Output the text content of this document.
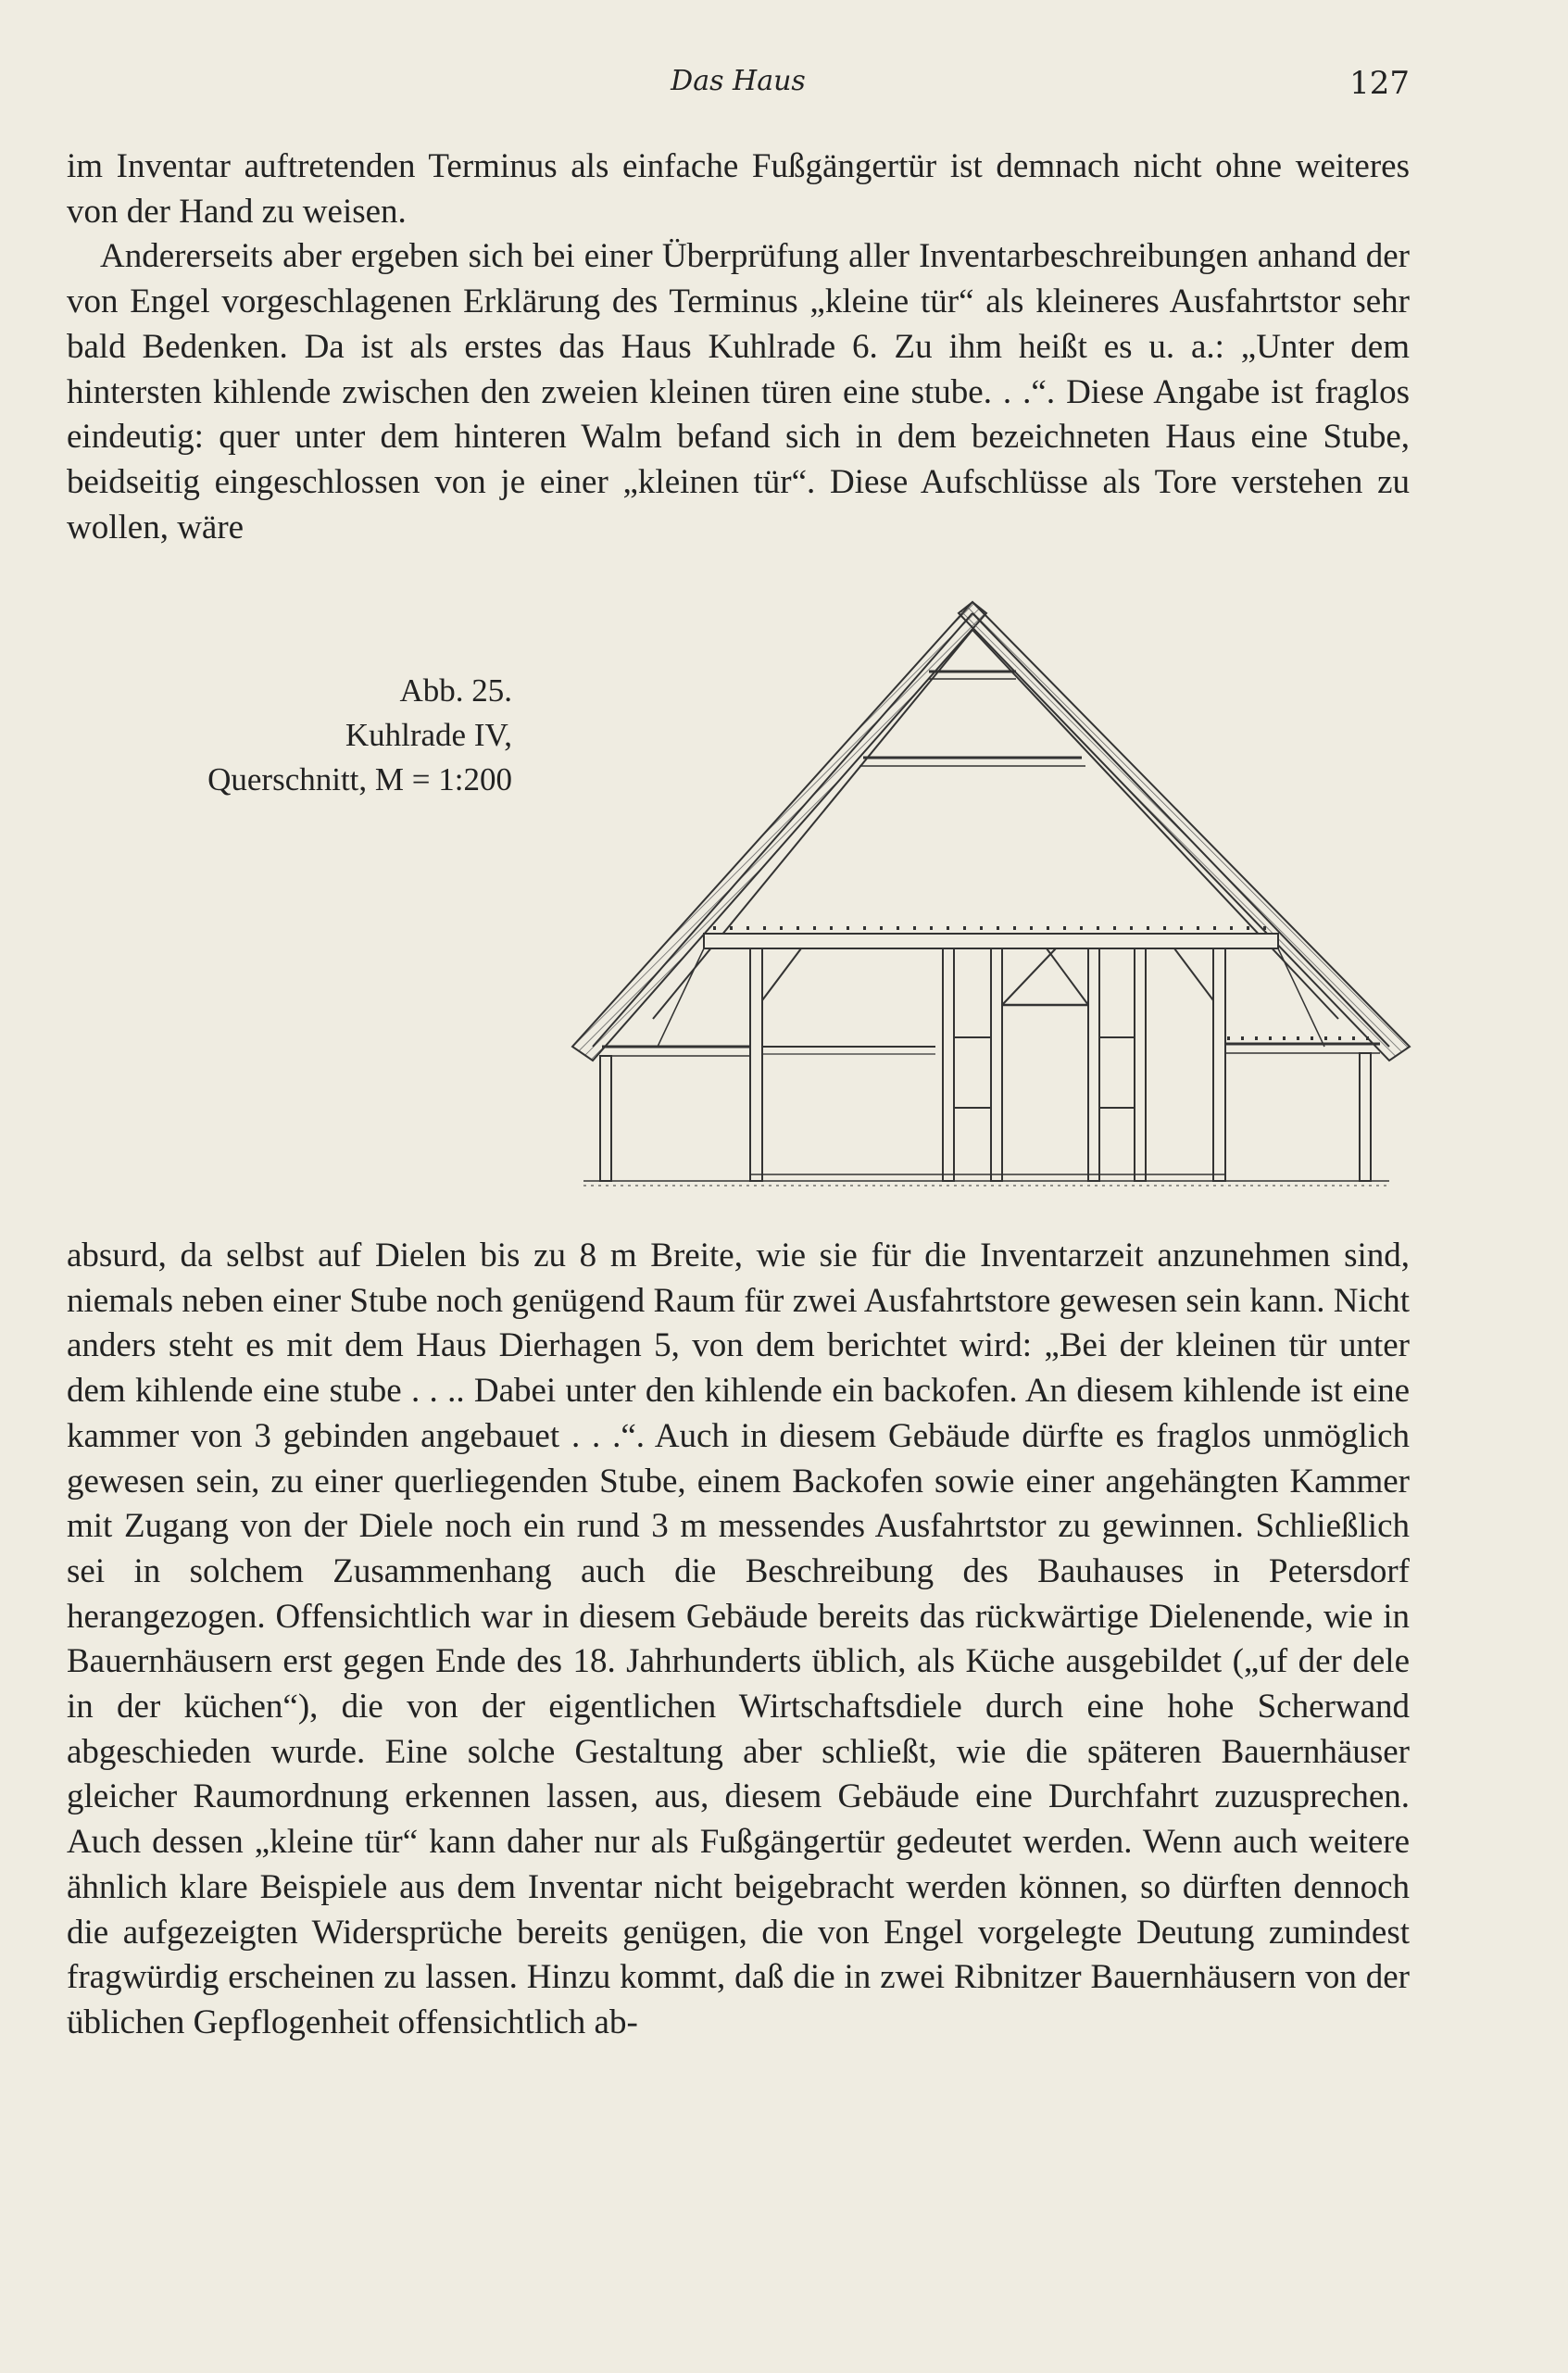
Das Haus	127

im Inventar auftretenden Terminus als einfache Fußgängertür ist demnach nicht ohne weiteres von der Hand zu weisen.

Andererseits aber ergeben sich bei einer Überprüfung aller Inventarbeschreibungen anhand der von Engel vorgeschlagenen Erklärung des Terminus „kleine tür“ als kleineres Ausfahrtstor sehr bald Bedenken. Da ist als erstes das Haus Kuhlrade 6. Zu ihm heißt es u. a.: „Unter dem hintersten kihlende zwischen den zweien kleinen türen eine stube. . .“. Diese Angabe ist fraglos eindeutig: quer unter dem hinteren Walm befand sich in dem bezeichneten Haus eine Stube, beidseitig eingeschlossen von je einer „kleinen tür“. Diese Aufschlüsse als Tore verstehen zu wollen, wäre

Abb. 25.
Kuhlrade IV,
Querschnitt, M = 1:200

absurd, da selbst auf Dielen bis zu 8 m Breite, wie sie für die Inventarzeit anzunehmen sind, niemals neben einer Stube noch genügend Raum für zwei Ausfahrtstore gewesen sein kann. Nicht anders steht es mit dem Haus Dierhagen 5, von dem berichtet wird: „Bei der kleinen tür unter dem kihlende eine stube . . .. Dabei unter den kihlende ein backofen. An diesem kihlende ist eine kammer von 3 gebinden angebauet . . .“. Auch in diesem Gebäude dürfte es fraglos unmöglich gewesen sein, zu einer querliegenden Stube, einem Backofen sowie einer angehängten Kammer mit Zugang von der Diele noch ein rund 3 m messendes Ausfahrtstor zu gewinnen. Schließlich sei in solchem Zusammenhang auch die Beschreibung des Bauhauses in Petersdorf herangezogen. Offensichtlich war in diesem Gebäude bereits das rückwärtige Dielenende, wie in Bauernhäusern erst gegen Ende des 18. Jahrhunderts üblich, als Küche ausgebildet („uf der dele in der küchen“), die von der eigentlichen Wirtschaftsdiele durch eine hohe Scherwand abgeschieden wurde. Eine solche Gestaltung aber schließt, wie die späteren Bauernhäuser gleicher Raumordnung erkennen lassen, aus, diesem Gebäude eine Durchfahrt zuzusprechen. Auch dessen „kleine tür“ kann daher nur als Fußgängertür gedeutet werden. Wenn auch weitere ähnlich klare Beispiele aus dem Inventar nicht beigebracht werden können, so dürften dennoch die aufgezeigten Widersprüche bereits genügen, die von Engel vorgelegte Deutung zumindest fragwürdig erscheinen zu lassen. Hinzu kommt, daß die in zwei Ribnitzer Bauernhäusern von der üblichen Gepflogenheit offensichtlich ab-
